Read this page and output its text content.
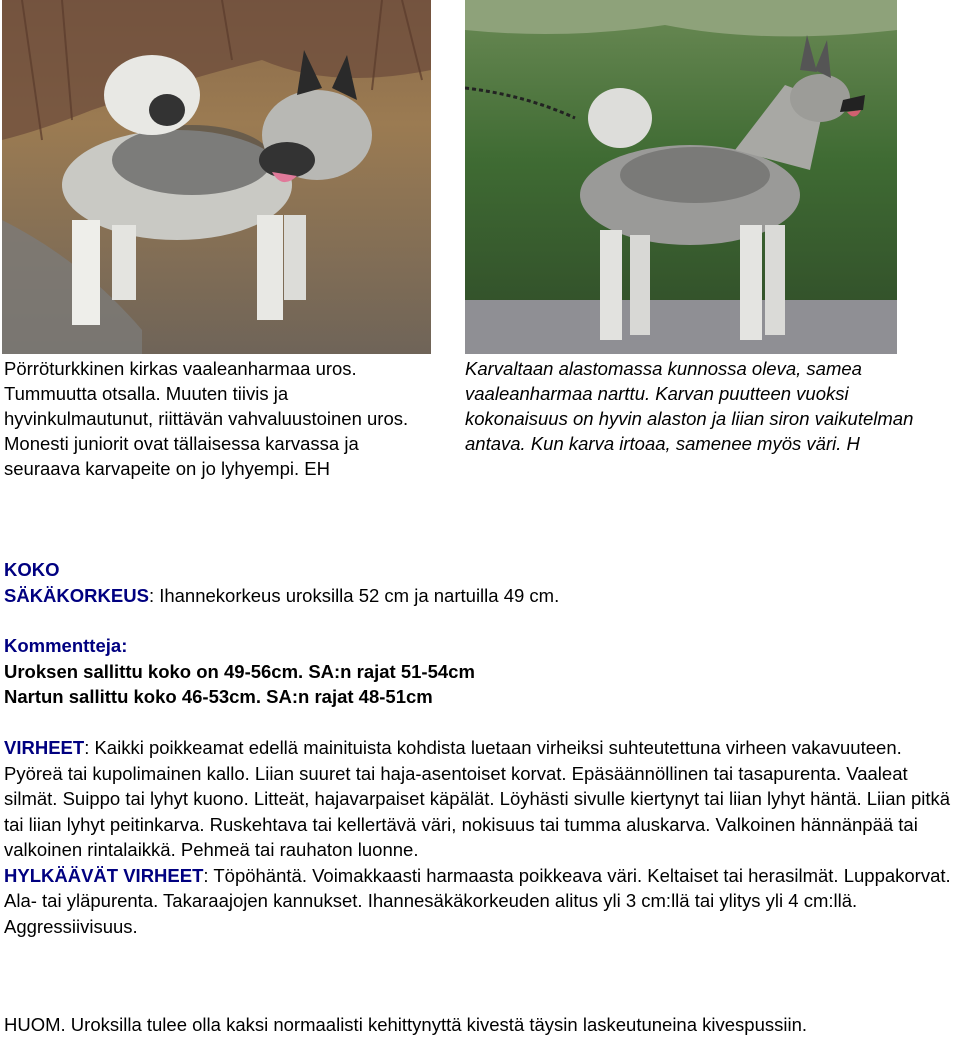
Pörröturkkinen kirkas vaaleanharmaa uros. Tummuutta otsalla. Muuten tiivis ja hyvinkulmautunut, riittävän vahvaluustoinen uros. Monesti juniorit ovat tällaisessa karvassa ja seuraava karvapeite on jo lyhyempi. EH
Karvaltaan alastomassa kunnossa oleva, samea vaaleanharmaa narttu. Karvan puutteen vuoksi kokonaisuus on hyvin alaston ja liian siron vaikutelman antava. Kun karva irtoaa, samenee myös väri. H

KOKO

SÄKÄKORKEUS: Ihannekorkeus uroksilla 52 cm ja nartuilla 49 cm.

Kommentteja:

Uroksen sallittu koko on 49-56cm. SA:n rajat 51-54cm

Nartun sallittu koko 46-53cm. SA:n rajat 48-51cm

VIRHEET: Kaikki poikkeamat edellä mainituista kohdista luetaan virheiksi suhteutettuna virheen vakavuuteen.

Pyöreä tai kupolimainen kallo. Liian suuret tai haja-asentoiset korvat. Epäsäännöllinen tai tasapurenta. Vaaleat silmät. Suippo tai lyhyt kuono. Litteät, hajavarpaiset käpälät. Löyhästi sivulle kiertynyt tai liian lyhyt häntä. Liian pitkä tai liian lyhyt peitinkarva. Ruskehtava tai kellertävä väri, nokisuus tai tumma aluskarva. Valkoinen hännänpää tai valkoinen rintalaikkä. Pehmeä tai rauhaton luonne.

HYLKÄÄVÄT VIRHEET: Töpöhäntä. Voimakkaasti harmaasta poikkeava väri. Keltaiset tai herasilmät. Luppakorvat. Ala- tai yläpurenta. Takaraajojen kannukset. Ihannesäkäkorkeuden alitus yli 3 cm:llä tai ylitys yli 4 cm:llä. Aggressiivisuus.

HUOM. Uroksilla tulee olla kaksi normaalisti kehittynyttä kivestä täysin laskeutuneina kivespussiin.
